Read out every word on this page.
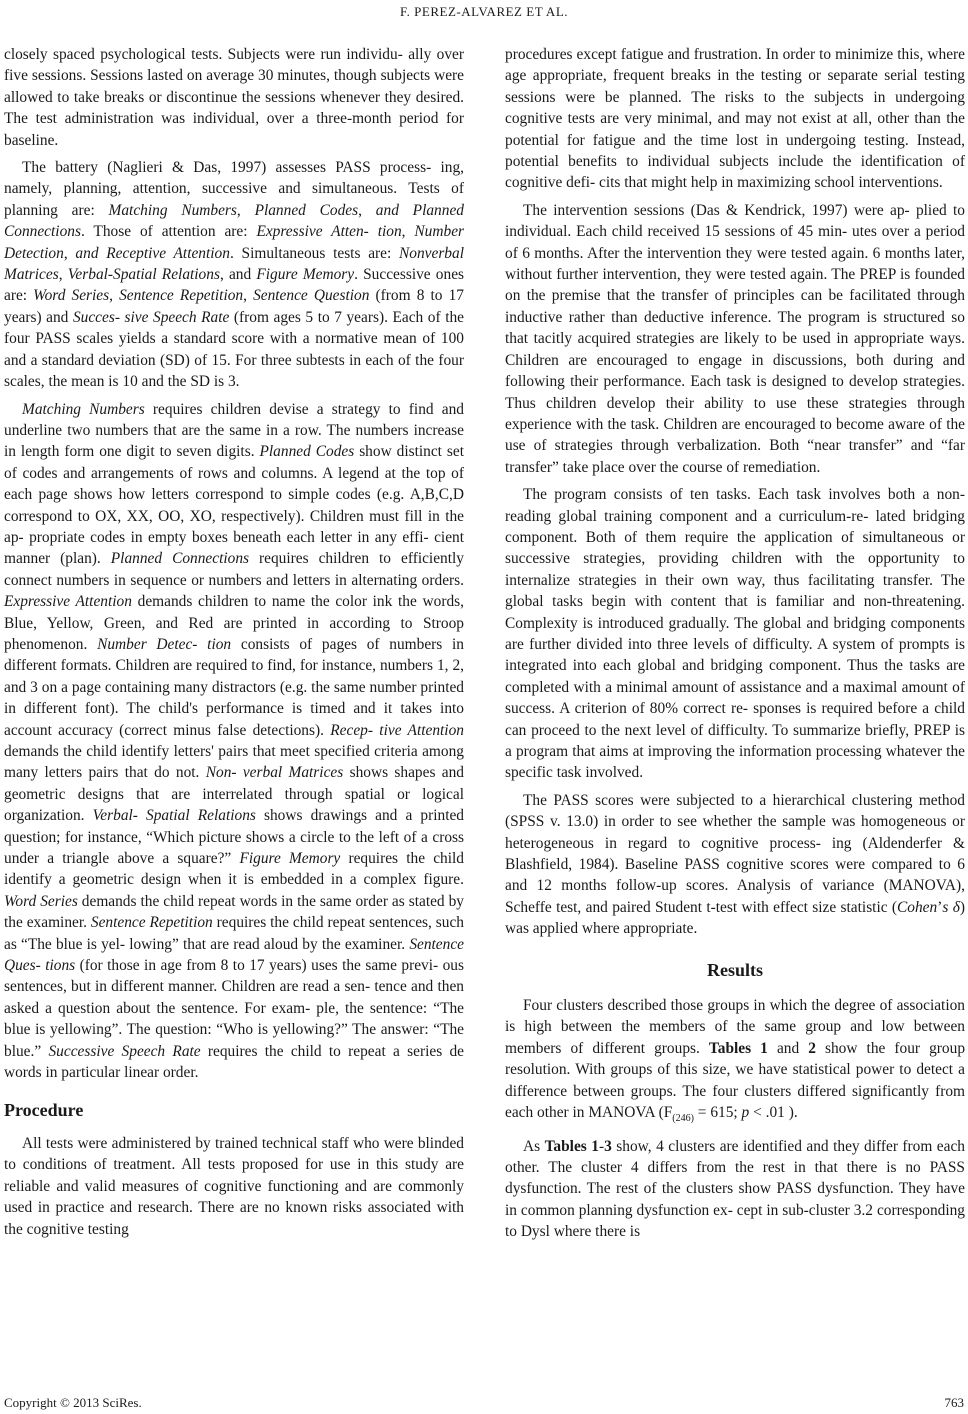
F. PEREZ-ALVAREZ ET AL.

closely spaced psychological tests. Subjects were run individu- ally over five sessions. Sessions lasted on average 30 minutes, though subjects were allowed to take breaks or discontinue the sessions whenever they desired. The test administration was individual, over a three-month period for baseline.

The battery (Naglieri & Das, 1997) assesses PASS process- ing, namely, planning, attention, successive and simultaneous. Tests of planning are: Matching Numbers, Planned Codes, and Planned Connections. Those of attention are: Expressive Atten- tion, Number Detection, and Receptive Attention. Simultaneous tests are: Nonverbal Matrices, Verbal-Spatial Relations, and Figure Memory. Successive ones are: Word Series, Sentence Repetition, Sentence Question (from 8 to 17 years) and Succes- sive Speech Rate (from ages 5 to 7 years). Each of the four PASS scales yields a standard score with a normative mean of 100 and a standard deviation (SD) of 15. For three subtests in each of the four scales, the mean is 10 and the SD is 3.

Matching Numbers requires children devise a strategy to find and underline two numbers that are the same in a row. The numbers increase in length form one digit to seven digits. Planned Codes show distinct set of codes and arrangements of rows and columns. A legend at the top of each page shows how letters correspond to simple codes (e.g. A,B,C,D correspond to OX, XX, OO, XO, respectively). Children must fill in the ap- propriate codes in empty boxes beneath each letter in any effi- cient manner (plan). Planned Connections requires children to efficiently connect numbers in sequence or numbers and letters in alternating orders. Expressive Attention demands children to name the color ink the words, Blue, Yellow, Green, and Red are printed in according to Stroop phenomenon. Number Detec- tion consists of pages of numbers in different formats. Children are required to find, for instance, numbers 1, 2, and 3 on a page containing many distractors (e.g. the same number printed in different font). The child's performance is timed and it takes into account accuracy (correct minus false detections). Recep- tive Attention demands the child identify letters' pairs that meet specified criteria among many letters pairs that do not. Non- verbal Matrices shows shapes and geometric designs that are interrelated through spatial or logical organization. Verbal- Spatial Relations shows drawings and a printed question; for instance, “Which picture shows a circle to the left of a cross under a triangle above a square?” Figure Memory requires the child identify a geometric design when it is embedded in a complex figure. Word Series demands the child repeat words in the same order as stated by the examiner. Sentence Repetition requires the child repeat sentences, such as “The blue is yel- lowing” that are read aloud by the examiner. Sentence Ques- tions (for those in age from 8 to 17 years) uses the same previ- ous sentences, but in different manner. Children are read a sen- tence and then asked a question about the sentence. For exam- ple, the sentence: “The blue is yellowing”. The question: “Who is yellowing?” The answer: “The blue.” Successive Speech Rate requires the child to repeat a series de words in particular linear order.

Procedure

All tests were administered by trained technical staff who were blinded to conditions of treatment. All tests proposed for use in this study are reliable and valid measures of cognitive functioning and are commonly used in practice and research. There are no known risks associated with the cognitive testing

procedures except fatigue and frustration. In order to minimize this, where age appropriate, frequent breaks in the testing or separate serial testing sessions were be planned. The risks to the subjects in undergoing cognitive tests are very minimal, and may not exist at all, other than the potential for fatigue and the time lost in undergoing testing. Instead, potential benefits to individual subjects include the identification of cognitive defi- cits that might help in maximizing school interventions.

The intervention sessions (Das & Kendrick, 1997) were ap- plied to individual. Each child received 15 sessions of 45 min- utes over a period of 6 months. After the intervention they were tested again. 6 months later, without further intervention, they were tested again. The PREP is founded on the premise that the transfer of principles can be facilitated through inductive rather than deductive inference. The program is structured so that tacitly acquired strategies are likely to be used in appropriate ways. Children are encouraged to engage in discussions, both during and following their performance. Each task is designed to develop strategies. Thus children develop their ability to use these strategies through experience with the task. Children are encouraged to become aware of the use of strategies through verbalization. Both “near transfer” and “far transfer” take place over the course of remediation.

The program consists of ten tasks. Each task involves both a non-reading global training component and a curriculum-re- lated bridging component. Both of them require the application of simultaneous or successive strategies, providing children with the opportunity to internalize strategies in their own way, thus facilitating transfer. The global tasks begin with content that is familiar and non-threatening. Complexity is introduced gradually. The global and bridging components are further divided into three levels of difficulty. A system of prompts is integrated into each global and bridging component. Thus the tasks are completed with a minimal amount of assistance and a maximal amount of success. A criterion of 80% correct re- sponses is required before a child can proceed to the next level of difficulty. To summarize briefly, PREP is a program that aims at improving the information processing whatever the specific task involved.

The PASS scores were subjected to a hierarchical clustering method (SPSS v. 13.0) in order to see whether the sample was homogeneous or heterogeneous in regard to cognitive process- ing (Aldenderfer & Blashfield, 1984). Baseline PASS cognitive scores were compared to 6 and 12 months follow-up scores. Analysis of variance (MANOVA), Scheffe test, and paired Student t-test with effect size statistic (Cohen’s δ) was applied where appropriate.

Results

Four clusters described those groups in which the degree of association is high between the members of the same group and low between members of different groups. Tables 1 and 2 show the four group resolution. With groups of this size, we have statistical power to detect a difference between groups. The four clusters differed significantly from each other in MANOVA ($F_{(246)} = 615$; p < .01 ).

As Tables 1-3 show, 4 clusters are identified and they differ from each other. The cluster 4 differs from the rest in that there is no PASS dysfunction. The rest of the clusters show PASS dysfunction. They have in common planning dysfunction ex- cept in sub-cluster 3.2 corresponding to Dysl where there is

Copyright © 2013 SciRes.	763
